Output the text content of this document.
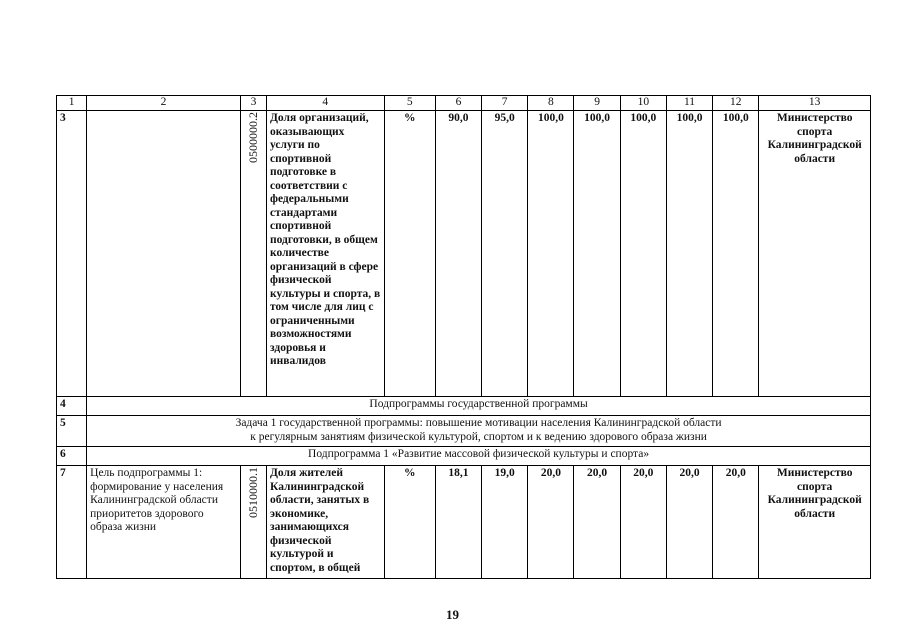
1	2	3	4	5	6	7	8	9	10	11	12	13
3		0500000.2	Доля организаций, оказывающих услуги по спортивной подготовке в соответствии с федеральными стандартами спортивной подготовки, в общем количестве организаций в сфере физической культуры и спорта, в том числе для лиц с ограниченными возможностями здоровья и инвалидов	%	90,0	95,0	100,0	100,0	100,0	100,0	100,0	Министерство спорта Калининградской области
4	Подпрограммы государственной программы											
5	Задача 1 государственной программы: повышение мотивации населения Калининградской области
к регулярным занятиям физической культурой, спортом и к ведению здорового образа жизни											

6	Подпрограмма 1 «Развитие массовой физической культуры и спорта»											
7	Цель подпрограммы 1: формирование у населения Калининградской области приоритетов здорового образа жизни	0510000.1	Доля жителей Калининградской области, занятых в экономике, занимающихся физической культурой и спортом, в общей	%	18,1	19,0	20,0	20,0	20,0	20,0	20,0	Министерство спорта Калининградской области
19
